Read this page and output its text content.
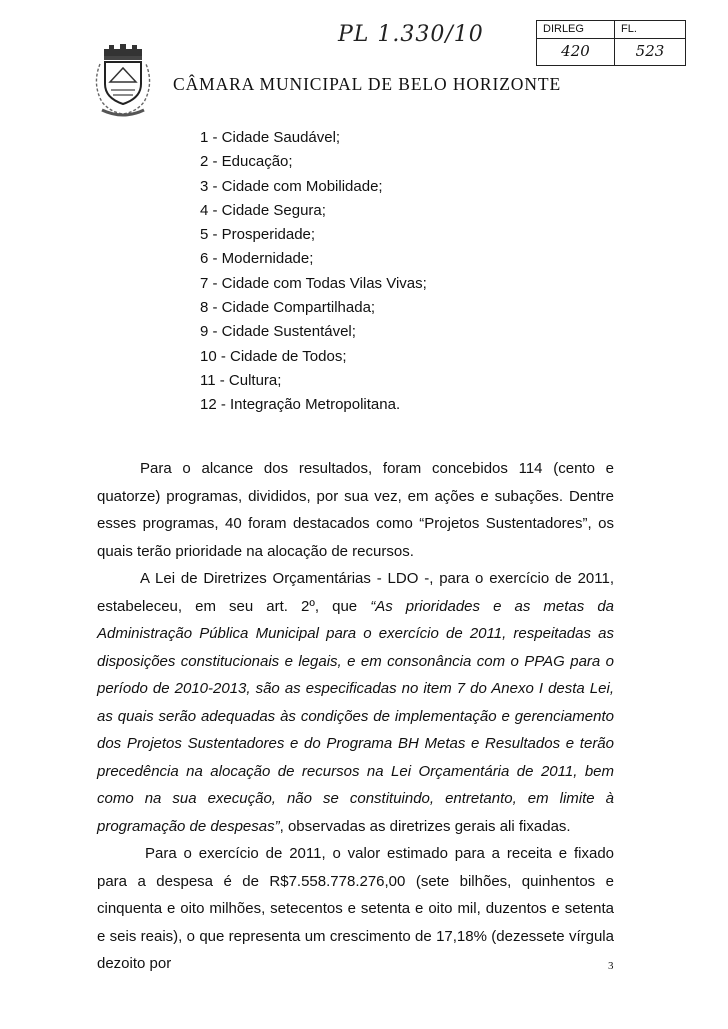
PL 1.330/10	DIRLEG	FL.
420	523
CÂMARA MUNICIPAL DE BELO HORIZONTE
1 - Cidade Saudável;
2 - Educação;
3 - Cidade com Mobilidade;
4 - Cidade Segura;
5 - Prosperidade;
6 - Modernidade;
7 - Cidade com Todas Vilas Vivas;
8 - Cidade Compartilhada;
9 - Cidade Sustentável;
10 - Cidade de Todos;
11 - Cultura;
12 - Integração Metropolitana.

Para o alcance dos resultados, foram concebidos 114 (cento e quatorze) programas, divididos, por sua vez, em ações e subações. Dentre esses programas, 40 foram destacados como “Projetos Sustentadores”, os quais terão prioridade na alocação de recursos.

A Lei de Diretrizes Orçamentárias - LDO -, para o exercício de 2011, estabeleceu, em seu art. 2º, que “As prioridades e as metas da Administração Pública Municipal para o exercício de 2011, respeitadas as disposições constitucionais e legais, e em consonância com o PPAG para o período de 2010-2013, são as especificadas no item 7 do Anexo I desta Lei, as quais serão adequadas às condições de implementação e gerenciamento dos Projetos Sustentadores e do Programa BH Metas e Resultados e terão precedência na alocação de recursos na Lei Orçamentária de 2011, bem como na sua execução, não se constituindo, entretanto, em limite à programação de despesas”, observadas as diretrizes gerais ali fixadas.

Para o exercício de 2011, o valor estimado para a receita e fixado para a despesa é de R$7.558.778.276,00 (sete bilhões, quinhentos e cinquenta e oito milhões, setecentos e setenta e oito mil, duzentos e setenta e seis reais), o que representa um crescimento de 17,18% (dezessete vírgula dezoito por	3
